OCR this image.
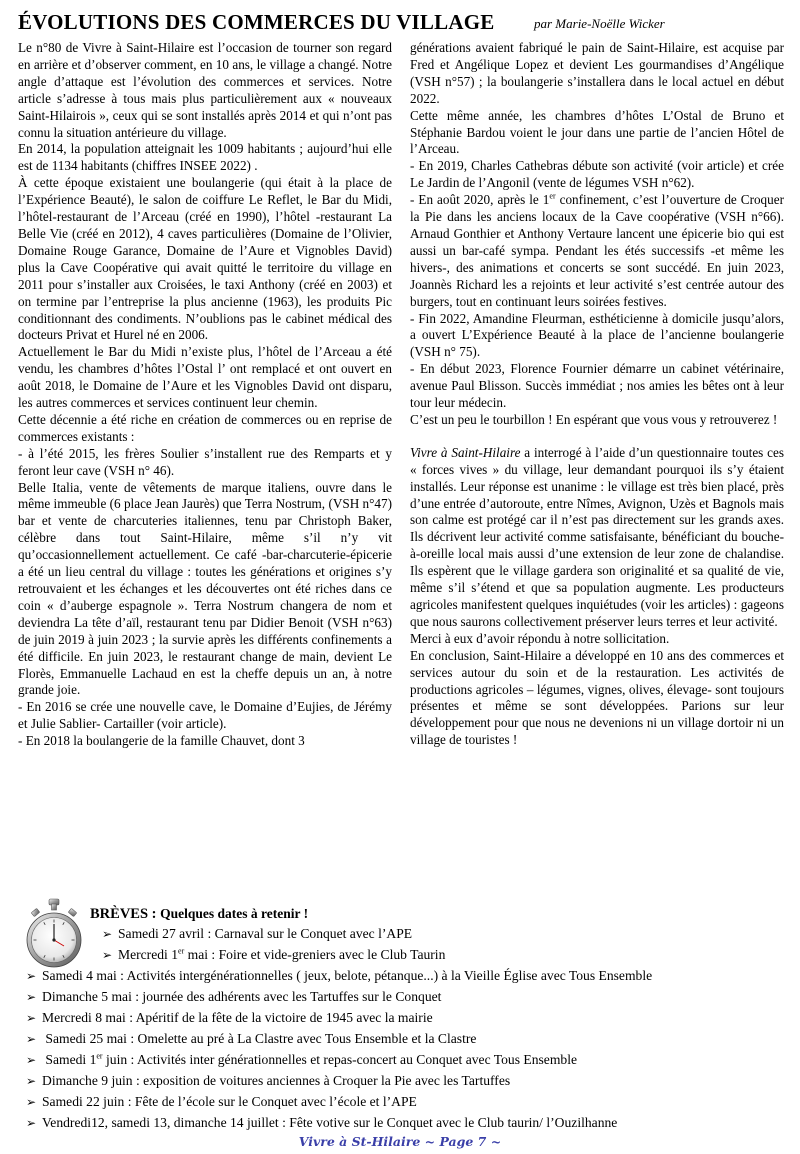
ÉVOLUTIONS DES COMMERCES DU VILLAGE	par Marie-Noëlle Wicker

Le n°80 de Vivre à Saint-Hilaire est l’occasion de tourner son regard en arrière et d’observer comment, en 10 ans, le village a changé. Notre angle d’attaque est l’évolution des commerces et services. Notre article s’adresse à tous mais plus particulièrement aux « nouveaux Saint-Hilairois », ceux qui se sont installés après 2014 et qui n’ont pas connu la situation antérieure du village.

En 2014, la population atteignait les 1009 habitants ; aujourd’hui elle est de 1134 habitants (chiffres INSEE 2022) .

À cette époque existaient une boulangerie (qui était à la place de l’Expérience Beauté), le salon de coiffure Le Reflet, le Bar du Midi, l’hôtel-restaurant de l’Arceau (créé en 1990), l’hôtel -restaurant La Belle Vie (créé en 2012), 4 caves particulières (Domaine de l’Olivier, Domaine Rouge Garance, Domaine de l’Aure et Vignobles David) plus la Cave Coopérative qui avait quitté le territoire du village en 2011 pour s’installer aux Croisées, le taxi Anthony (créé en 2003) et on termine par l’entreprise la plus ancienne (1963), les produits Pic conditionnant des condiments. N’oublions pas le cabinet médical des docteurs Privat et Hurel né en 2006.

Actuellement le Bar du Midi n’existe plus, l’hôtel de l’Arceau a été vendu, les chambres d’hôtes l’Ostal l’ ont remplacé et ont ouvert en août 2018, le Domaine de l’Aure et les Vignobles David ont disparu, les autres commerces et services continuent leur chemin.

Cette décennie a été riche en création de commerces ou en reprise de commerces existants :

- à l’été 2015, les frères Soulier s’installent rue des Remparts et y feront leur cave (VSH n° 46).

Belle Italia, vente de vêtements de marque italiens, ouvre dans le même immeuble (6 place Jean Jaurès) que Terra Nostrum, (VSH n°47) bar et vente de charcuteries italiennes, tenu par Christoph Baker, célèbre dans tout Saint-Hilaire, même s’il n’y vit qu’occasionnellement actuellement. Ce café -bar-charcuterie-épicerie a été un lieu central du village : toutes les générations et origines s’y retrouvaient et les échanges et les découvertes ont été riches dans ce coin « d’auberge espagnole ». Terra Nostrum changera de nom et deviendra La tête d’aïl, restaurant tenu par Didier Benoit (VSH n°63) de juin 2019 à juin 2023 ; la survie après les différents confinements a été difficile. En juin 2023, le restaurant change de main, devient Le Florès, Emmanuelle Lachaud en est la cheffe depuis un an, à notre grande joie.

- En 2016 se crée une nouvelle cave, le Domaine d’Eujies, de Jérémy et Julie Sablier- Cartailler (voir article).

- En 2018 la boulangerie de la famille Chauvet, dont 3

générations avaient fabriqué le pain de Saint-Hilaire, est acquise par Fred et Angélique Lopez et devient Les gourmandises d’Angélique (VSH n°57) ; la boulangerie s’installera dans le local actuel en début 2022.

Cette même année, les chambres d’hôtes L’Ostal de Bruno et Stéphanie Bardou voient le jour dans une partie de l’ancien Hôtel de l’Arceau.

- En 2019, Charles Cathebras débute son activité (voir article) et crée Le Jardin de l’Angonil (vente de légumes VSH n°62).

- En août 2020, après le 1er confinement, c’est l’ouverture de Croquer la Pie dans les anciens locaux de la Cave coopérative (VSH n°66). Arnaud Gonthier et Anthony Vertaure lancent une épicerie bio qui est aussi un bar-café sympa. Pendant les étés successifs -et même les hivers-, des animations et concerts se sont succédé. En juin 2023, Joannès Richard les a rejoints et leur activité s’est centrée autour des burgers, tout en continuant leurs soirées festives.

- Fin 2022, Amandine Fleurman, esthéticienne à domicile jusqu’alors, a ouvert L’Expérience Beauté à la place de l’ancienne boulangerie (VSH n° 75).

- En début 2023, Florence Fournier démarre un cabinet vétérinaire, avenue Paul Blisson. Succès immédiat ; nos amies les bêtes ont à leur tour leur médecin.

C’est un peu le tourbillon ! En espérant que vous vous y retrouverez !

Vivre à Saint-Hilaire a interrogé à l’aide d’un questionnaire toutes ces « forces vives » du village, leur demandant pourquoi ils s’y étaient installés. Leur réponse est unanime : le village est très bien placé, près d’une entrée d’autoroute, entre Nîmes, Avignon, Uzès et Bagnols mais son calme est protégé car il n’est pas directement sur les grands axes. Ils décrivent leur activité comme satisfaisante, bénéficiant du bouche-à-oreille local mais aussi d’une extension de leur zone de chalandise. Ils espèrent que le village gardera son originalité et sa qualité de vie, même s’il s’étend et que sa population augmente. Les producteurs agricoles manifestent quelques inquiétudes (voir les articles) : gageons que nous saurons collectivement préserver leurs terres et leur activité.

Merci à eux d’avoir répondu à notre sollicitation.

En conclusion, Saint-Hilaire a développé en 10 ans des commerces et services autour du soin et de la restauration. Les activités de productions agricoles – légumes, vignes, olives, élevage- sont toujours présentes et même se sont développées. Parions sur leur développement pour que nous ne devenions ni un village dortoir ni un village de touristes !

BRÈVES : Quelques dates à retenir !
➢ Samedi 27 avril : Carnaval sur le Conquet avec l’APE
➢ Mercredi 1er mai : Foire et vide-greniers avec le Club Taurin
➢ Samedi 4 mai : Activités intergénérationnelles ( jeux, belote, pétanque...) à la Vieille Église avec Tous Ensemble
➢ Dimanche 5 mai : journée des adhérents avec les Tartuffes sur le Conquet
➢ Mercredi 8 mai : Apéritif de la fête de la victoire de 1945 avec la mairie
➢ Samedi 25 mai : Omelette au pré à La Clastre avec Tous Ensemble et la Clastre
➢ Samedi 1er juin : Activités inter générationnelles et repas-concert au Conquet avec Tous Ensemble
➢ Dimanche 9 juin : exposition de voitures anciennes à Croquer la Pie avec les Tartuffes
➢ Samedi 22 juin : Fête de l’école sur le Conquet avec l’école et l’APE
➢ Vendredi12, samedi 13, dimanche 14 juillet : Fête votive sur le Conquet avec le Club taurin/ l’Ouzilhanne
Vivre à St-Hilaire ~ Page 7 ~
